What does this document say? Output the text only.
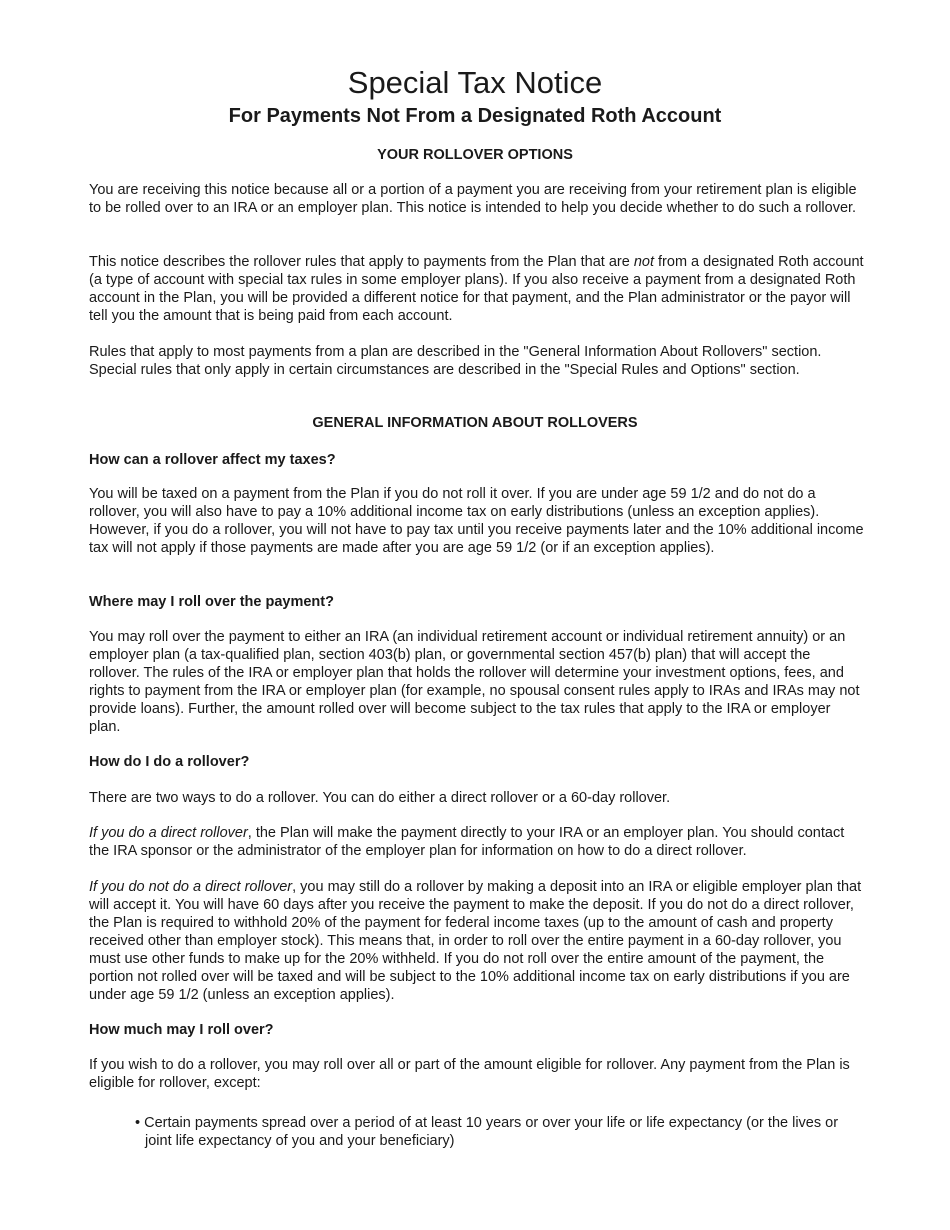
Special Tax Notice
For Payments Not From a Designated Roth Account
YOUR ROLLOVER OPTIONS

You are receiving this notice because all or a portion of a payment you are receiving from your retirement plan is eligible to be rolled over to an IRA or an employer plan. This notice is intended to help you decide whether to do such a rollover.

This notice describes the rollover rules that apply to payments from the Plan that are not from a designated Roth account (a type of account with special tax rules in some employer plans). If you also receive a payment from a designated Roth account in the Plan, you will be provided a different notice for that payment, and the Plan administrator or the payor will tell you the amount that is being paid from each account.

Rules that apply to most payments from a plan are described in the "General Information About Rollovers" section. Special rules that only apply in certain circumstances are described in the "Special Rules and Options" section.

GENERAL INFORMATION ABOUT ROLLOVERS
How can a rollover affect my taxes?

You will be taxed on a payment from the Plan if you do not roll it over. If you are under age 59 1/2 and do not do a rollover, you will also have to pay a 10% additional income tax on early distributions (unless an exception applies). However, if you do a rollover, you will not have to pay tax until you receive payments later and the 10% additional income tax will not apply if those payments are made after you are age 59 1/2 (or if an exception applies).

Where may I roll over the payment?

You may roll over the payment to either an IRA (an individual retirement account or individual retirement annuity) or an employer plan (a tax-qualified plan, section 403(b) plan, or governmental section 457(b) plan) that will accept the rollover. The rules of the IRA or employer plan that holds the rollover will determine your investment options, fees, and rights to payment from the IRA or employer plan (for example, no spousal consent rules apply to IRAs and IRAs may not provide loans). Further, the amount rolled over will become subject to the tax rules that apply to the IRA or employer plan.

How do I do a rollover?

There are two ways to do a rollover. You can do either a direct rollover or a 60-day rollover.

If you do a direct rollover, the Plan will make the payment directly to your IRA or an employer plan. You should contact the IRA sponsor or the administrator of the employer plan for information on how to do a direct rollover.

If you do not do a direct rollover, you may still do a rollover by making a deposit into an IRA or eligible employer plan that will accept it. You will have 60 days after you receive the payment to make the deposit. If you do not do a direct rollover, the Plan is required to withhold 20% of the payment for federal income taxes (up to the amount of cash and property received other than employer stock). This means that, in order to roll over the entire payment in a 60-day rollover, you must use other funds to make up for the 20% withheld. If you do not roll over the entire amount of the payment, the portion not rolled over will be taxed and will be subject to the 10% additional income tax on early distributions if you are under age 59 1/2 (unless an exception applies).

How much may I roll over?

If you wish to do a rollover, you may roll over all or part of the amount eligible for rollover. Any payment from the Plan is eligible for rollover, except:

• Certain payments spread over a period of at least 10 years or over your life or life expectancy (or the lives or joint life expectancy of you and your beneficiary)
